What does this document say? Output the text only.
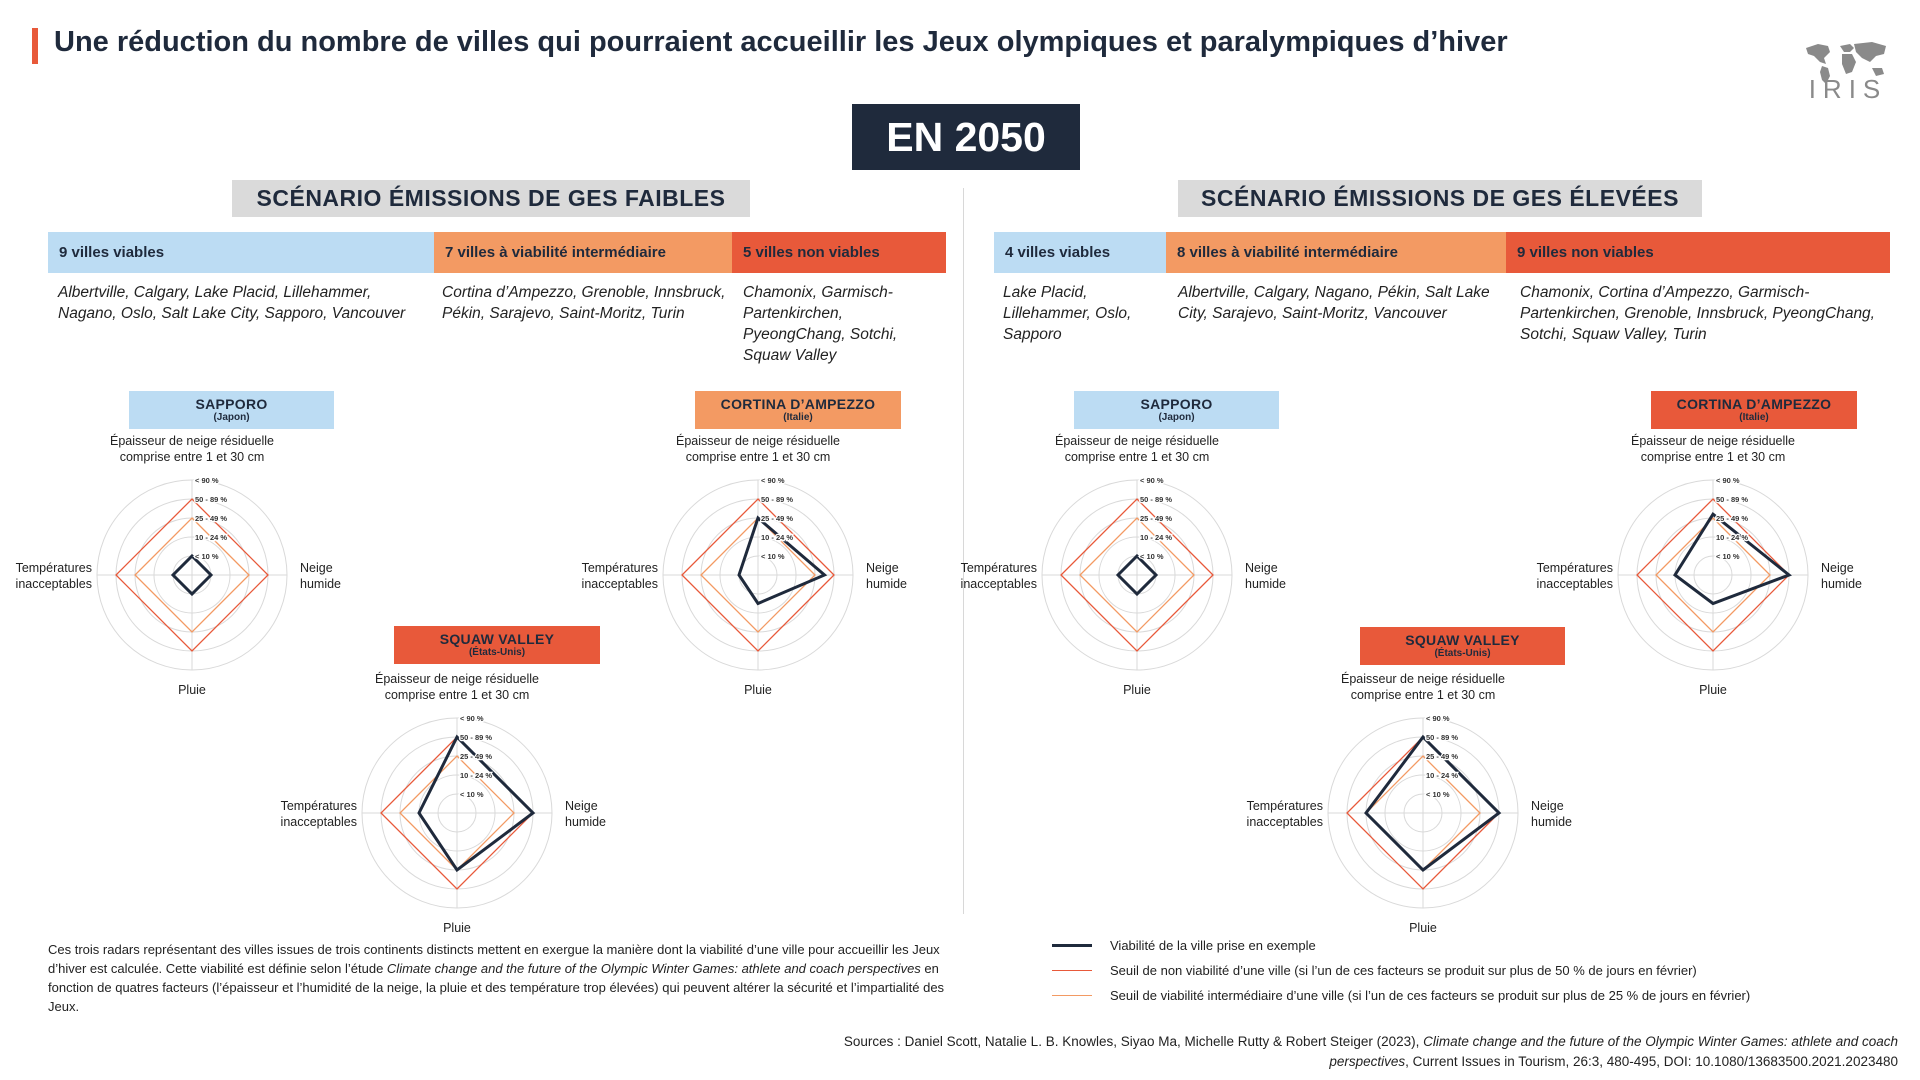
Une réduction du nombre de villes qui pourraient accueillir les Jeux olympiques et paralympiques d’hiver
IRIS
EN 2050
SCÉNARIO ÉMISSIONS DE GES FAIBLES
9 villes viables	7 villes à viabilité intermédiaire	5 villes non viables
Albertville, Calgary, Lake Placid, Lillehammer, Nagano, Oslo, Salt Lake City, Sapporo, Vancouver
Cortina d’Ampezzo, Grenoble, Innsbruck, Pékin, Sarajevo, Saint-Moritz, Turin
Chamonix, Garmisch-Partenkirchen, PyeongChang, Sotchi, Squaw Valley
SCÉNARIO ÉMISSIONS DE GES ÉLEVÉES
4 villes viables	8 villes à viabilité intermédiaire	9 villes non viables
Lake Placid, Lillehammer, Oslo, Sapporo
Albertville, Calgary, Nagano, Pékin, Salt Lake City, Sarajevo, Saint-Moritz, Vancouver
Chamonix, Cortina d’Ampezzo, Garmisch-Partenkirchen, Grenoble, Innsbruck, PyeongChang, Sotchi, Squaw Valley, Turin
SAPPORO
(Japon)
CORTINA D’AMPEZZO
(Italie)
SQUAW VALLEY
(États-Unis)
SAPPORO
(Japon)
CORTINA D’AMPEZZO
(Italie)
SQUAW VALLEY
(États-Unis)
< 10 %
10 - 24 %
25 - 49 %
50 - 89 %
< 90 %
Épaisseur de neige résiduelle
comprise entre 1 et 30 cm
Neige
humide
Pluie
Températures
inacceptables
< 10 %
10 - 24 %
25 - 49 %
50 - 89 %
< 90 %
Épaisseur de neige résiduelle
comprise entre 1 et 30 cm
Neige
humide
Pluie
Températures
inacceptables
< 10 %
10 - 24 %
25 - 49 %
50 - 89 %
< 90 %
Épaisseur de neige résiduelle
comprise entre 1 et 30 cm
Neige
humide
Pluie
Températures
inacceptables
< 10 %
10 - 24 %
25 - 49 %
50 - 89 %
< 90 %
Épaisseur de neige résiduelle
comprise entre 1 et 30 cm
Neige
humide
Pluie
Températures
inacceptables
< 10 %
10 - 24 %
25 - 49 %
50 - 89 %
< 90 %
Épaisseur de neige résiduelle
comprise entre 1 et 30 cm
Neige
humide
Pluie
Températures
inacceptables
< 10 %
10 - 24 %
25 - 49 %
50 - 89 %
< 90 %
Épaisseur de neige résiduelle
comprise entre 1 et 30 cm
Neige
humide
Pluie
Températures
inacceptables
Ces trois radars représentant des villes issues de trois continents distincts mettent en exergue la manière dont la viabilité d’une ville pour accueillir les Jeux d’hiver est calculée. Cette viabilité est définie selon l’étude Climate change and the future of the Olympic Winter Games: athlete and coach perspectives en fonction de quatres facteurs (l’épaisseur et l’humidité de la neige, la pluie et des température trop élevées) qui peuvent altérer la sécurité et l’impartialité des Jeux.
Viabilité de la ville prise en exemple
Seuil de non viabilité d’une ville (si l’un de ces facteurs se produit sur plus de 50 % de jours en février)
Seuil de viabilité intermédiaire d’une ville (si l’un de ces facteurs se produit sur plus de 25 % de jours en février)
Sources : Daniel Scott, Natalie L. B. Knowles, Siyao Ma, Michelle Rutty & Robert Steiger (2023), Climate change and the future of the Olympic Winter Games: athlete and coach perspectives, Current Issues in Tourism, 26:3, 480-495, DOI: 10.1080/13683500.2021.2023480
